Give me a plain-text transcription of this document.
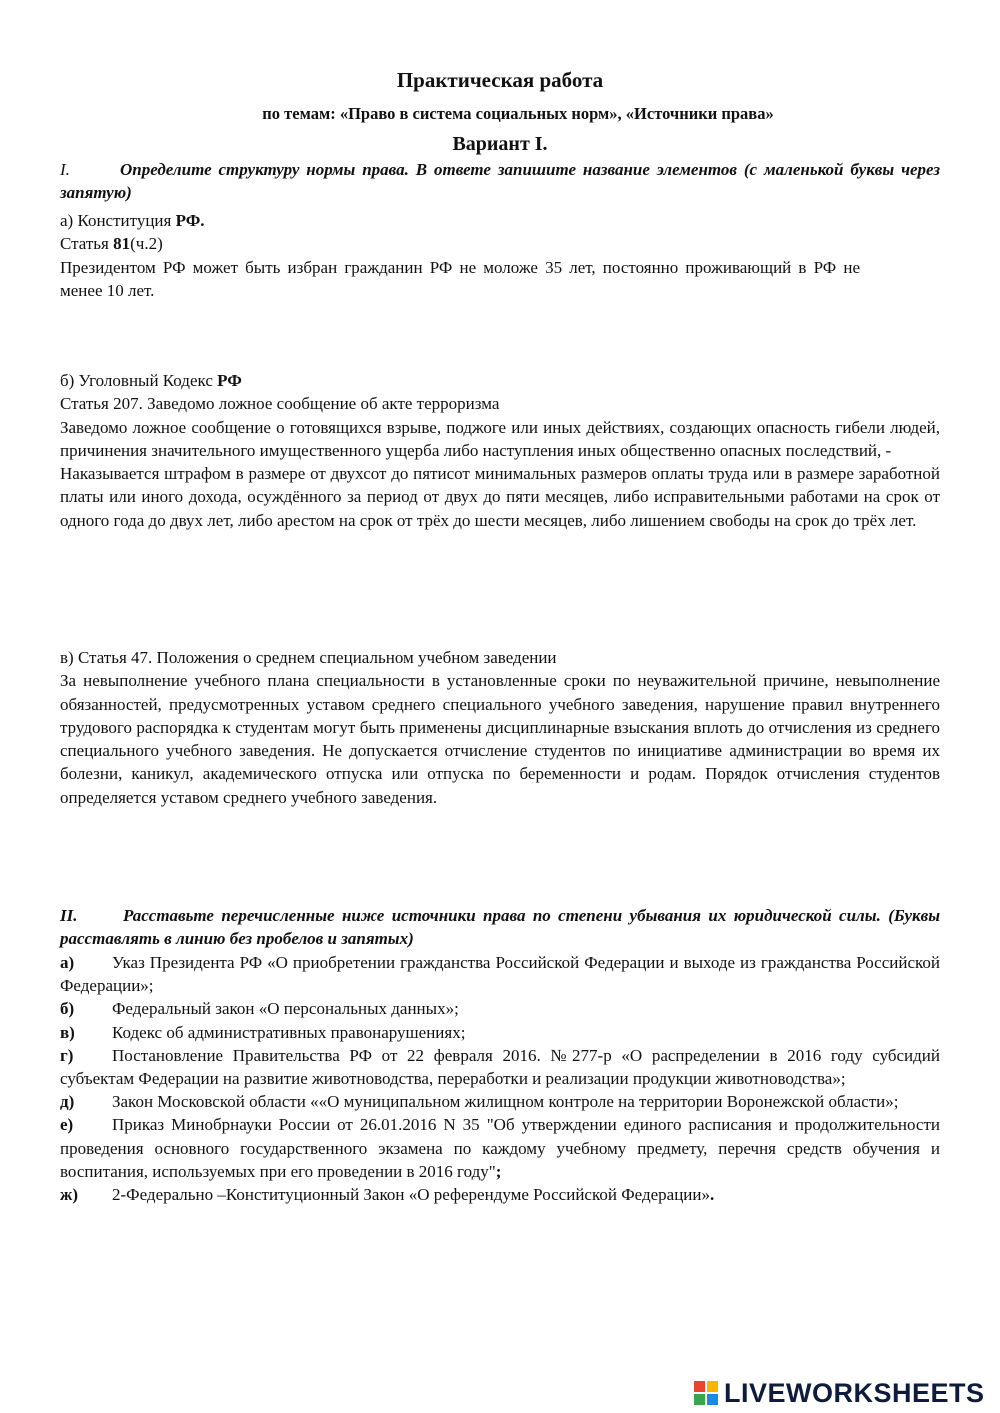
Практическая работа
по темам: «Право в система социальных норм», «Источники права»
Вариант I.
I.	Определите структуру нормы права. В ответе запишите название элементов (с маленькой буквы через запятую)

а) Конституция РФ.

Статья 81(ч.2)

Президентом РФ может быть избран гражданин РФ не моложе 35 лет, постоянно проживающий в РФ не менее 10 лет.

б) Уголовный Кодекс РФ

Статья 207. Заведомо ложное сообщение об акте терроризма

Заведомо ложное сообщение о готовящихся взрыве, поджоге или иных действиях, создающих опасность гибели людей, причинения значительного имущественного ущерба либо наступления иных общественно опасных последствий, -

Наказывается штрафом в размере от двухсот до пятисот минимальных размеров оплаты труда или в размере заработной платы или иного дохода, осуждённого за период от двух до пяти месяцев, либо исправительными работами на срок от одного года до двух лет, либо арестом на срок от трёх до шести месяцев, либо лишением свободы на срок до трёх лет.

в) Статья 47. Положения о среднем специальном учебном заведении

За невыполнение учебного плана специальности в установленные сроки по неуважительной причине, невыполнение обязанностей, предусмотренных уставом среднего специального учебного заведения, нарушение правил внутреннего трудового распорядка к студентам могут быть применены дисциплинарные взыскания вплоть до отчисления из среднего специального учебного заведения. Не допускается отчисление студентов по инициативе администрации во время их болезни, каникул, академического отпуска или отпуска по беременности и родам. Порядок отчисления студентов определяется уставом среднего учебного заведения.

II.	Расставьте перечисленные ниже источники права по степени убывания их юридической силы. (Буквы расставлять в линию без пробелов и запятых)

а) Указ Президента РФ «О приобретении гражданства Российской Федерации и выходе из гражданства Российской Федерации»;

б) Федеральный закон «О персональных данных»;

в) Кодекс об административных правонарушениях;

г) Постановление Правительства РФ от 22 февраля 2016. №277-р «О распределении в 2016 году субсидий субъектам Федерации на развитие животноводства, переработки и реализации продукции животноводства»;

д) Закон Московской области ««О муниципальном жилищном контроле на территории Воронежской области»;

е) Приказ Минобрнауки России от 26.01.2016 N 35 "Об утверждении единого расписания и продолжительности проведения основного государственного экзамена по каждому учебному предмету, перечня средств обучения и воспитания, используемых при его проведении в 2016 году";

ж) 2-Федерально –Конституционный Закон «О референдуме Российской Федерации».

LIVEWORKSHEETS
